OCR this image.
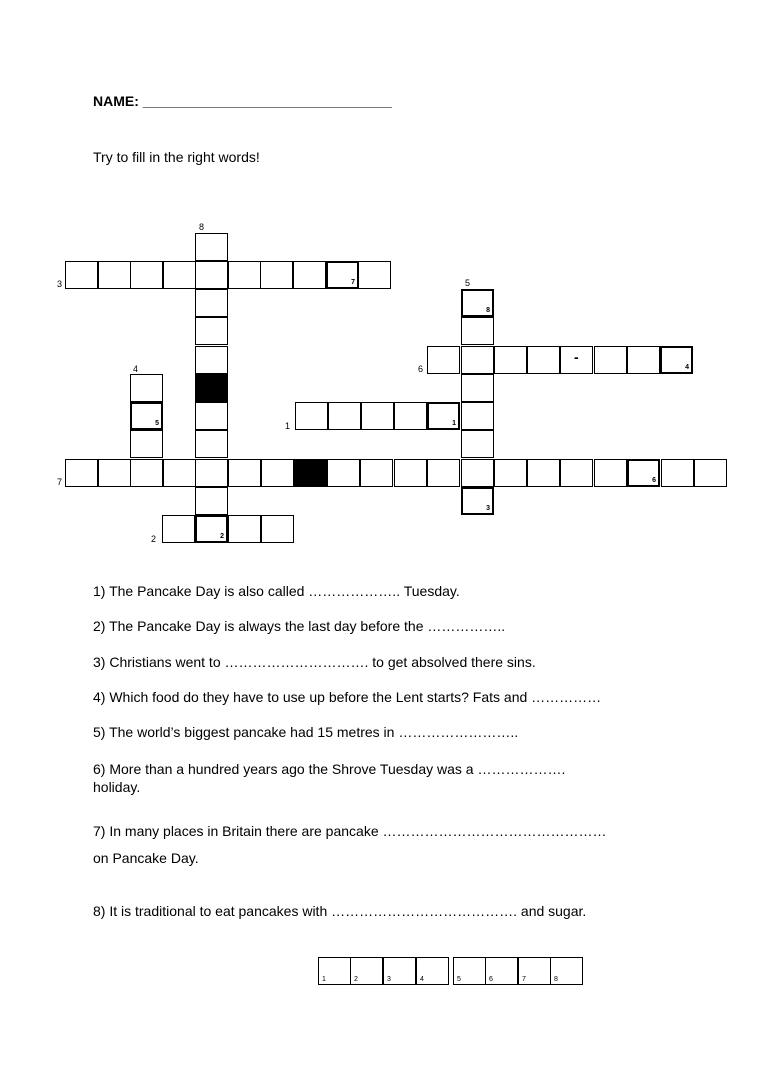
NAME: ________________________________
Try to fill in the right words!
8
3	5
4	6
1
7
2
7
8
3
-
4
5	1
6
2
1) The Pancake Day is also called ……………….. Tuesday.
2) The Pancake Day is always the last day before the ……………..
3) Christians went to …………………………. to get absolved there sins.
4) Which food do they have to use up before the Lent starts? Fats and ……………
5) The world’s biggest pancake had 15 metres in ……………………..
6) More than a hundred years ago the Shrove Tuesday was a ……………….
holiday.
7) In many places in Britain there are pancake …………………………………………
on Pancake Day.
8) It is traditional to eat pancakes with …………………………………. and sugar.
1	2	3	4	5	6	7	8
